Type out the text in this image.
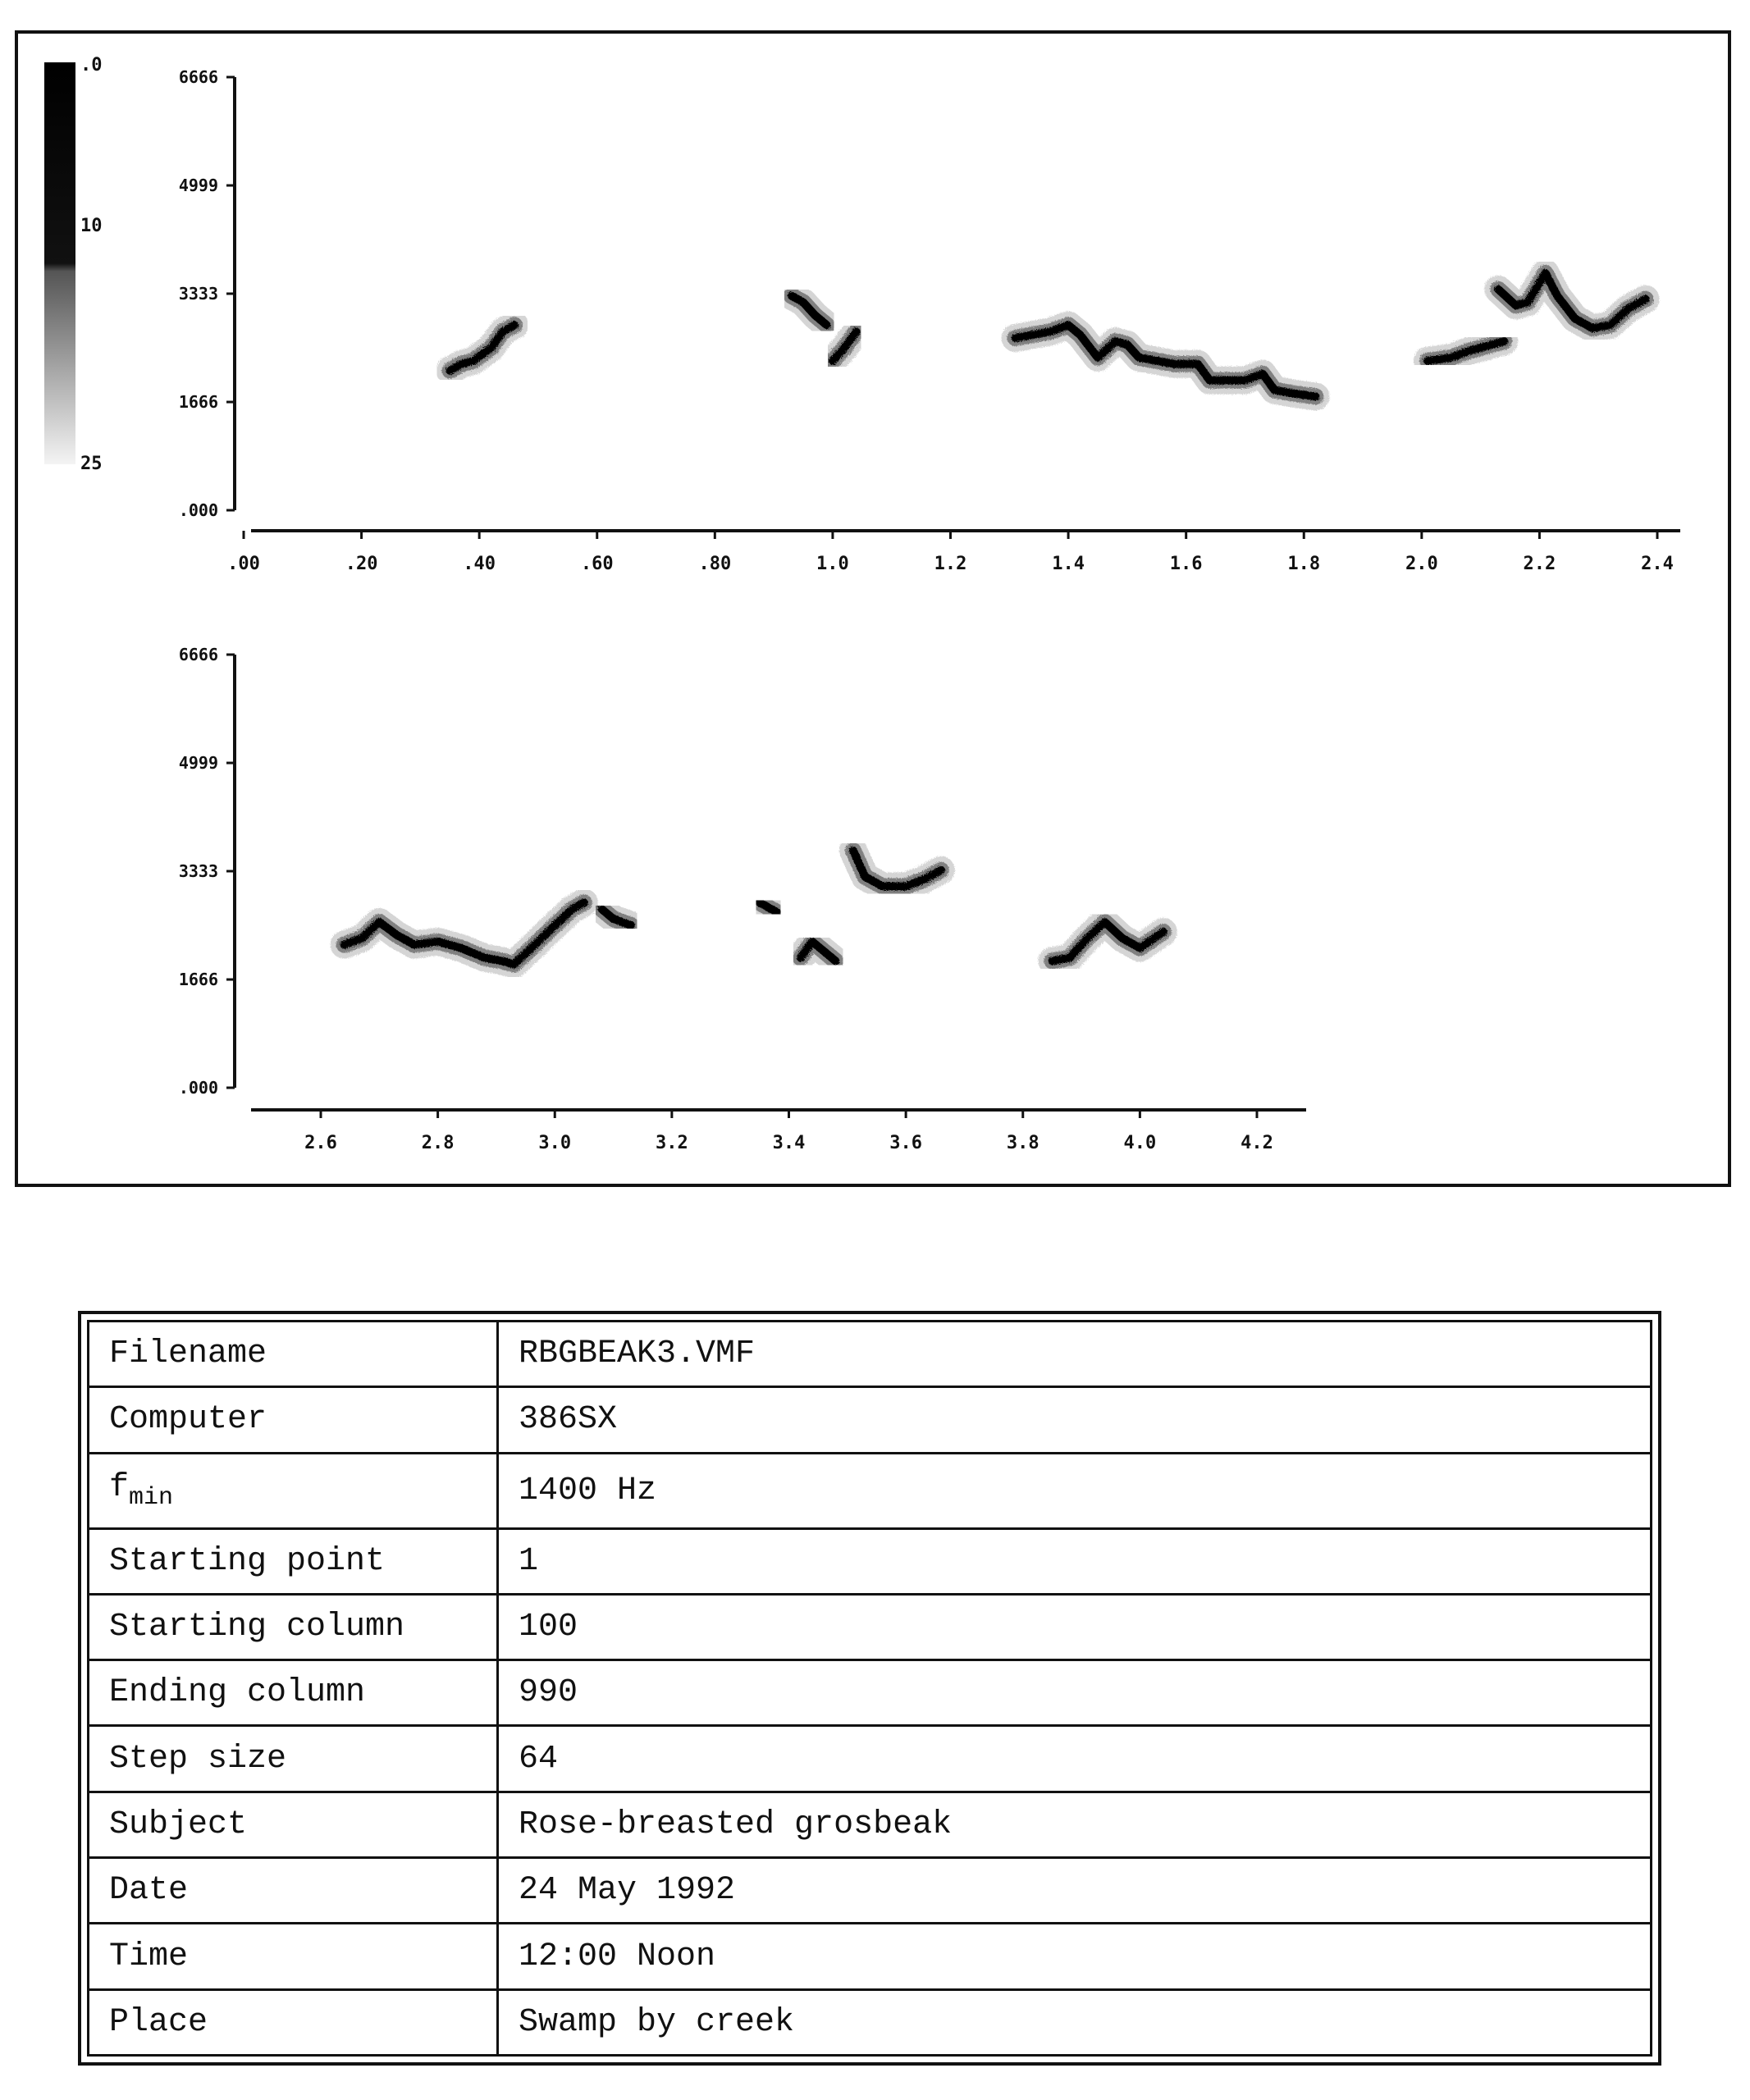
.0
10
25
.000
1666
3333
4999
6666
.00	.20	.40	.60	.80	1.0	1.2	1.4	1.6	1.8	2.0	2.2	2.4
.000
1666
3333
4999
6666
2.6	2.8	3.0	3.2	3.4	3.6	3.8	4.0	4.2
Filename	RBGBEAK3.VMF
Computer	386SX
$f_{min}$	1400 Hz
Starting point	1
Starting column	100
Ending column	990
Step size	64
Subject	Rose-breasted grosbeak
Date	24 May 1992
Time	12:00 Noon
Place	Swamp by creek
